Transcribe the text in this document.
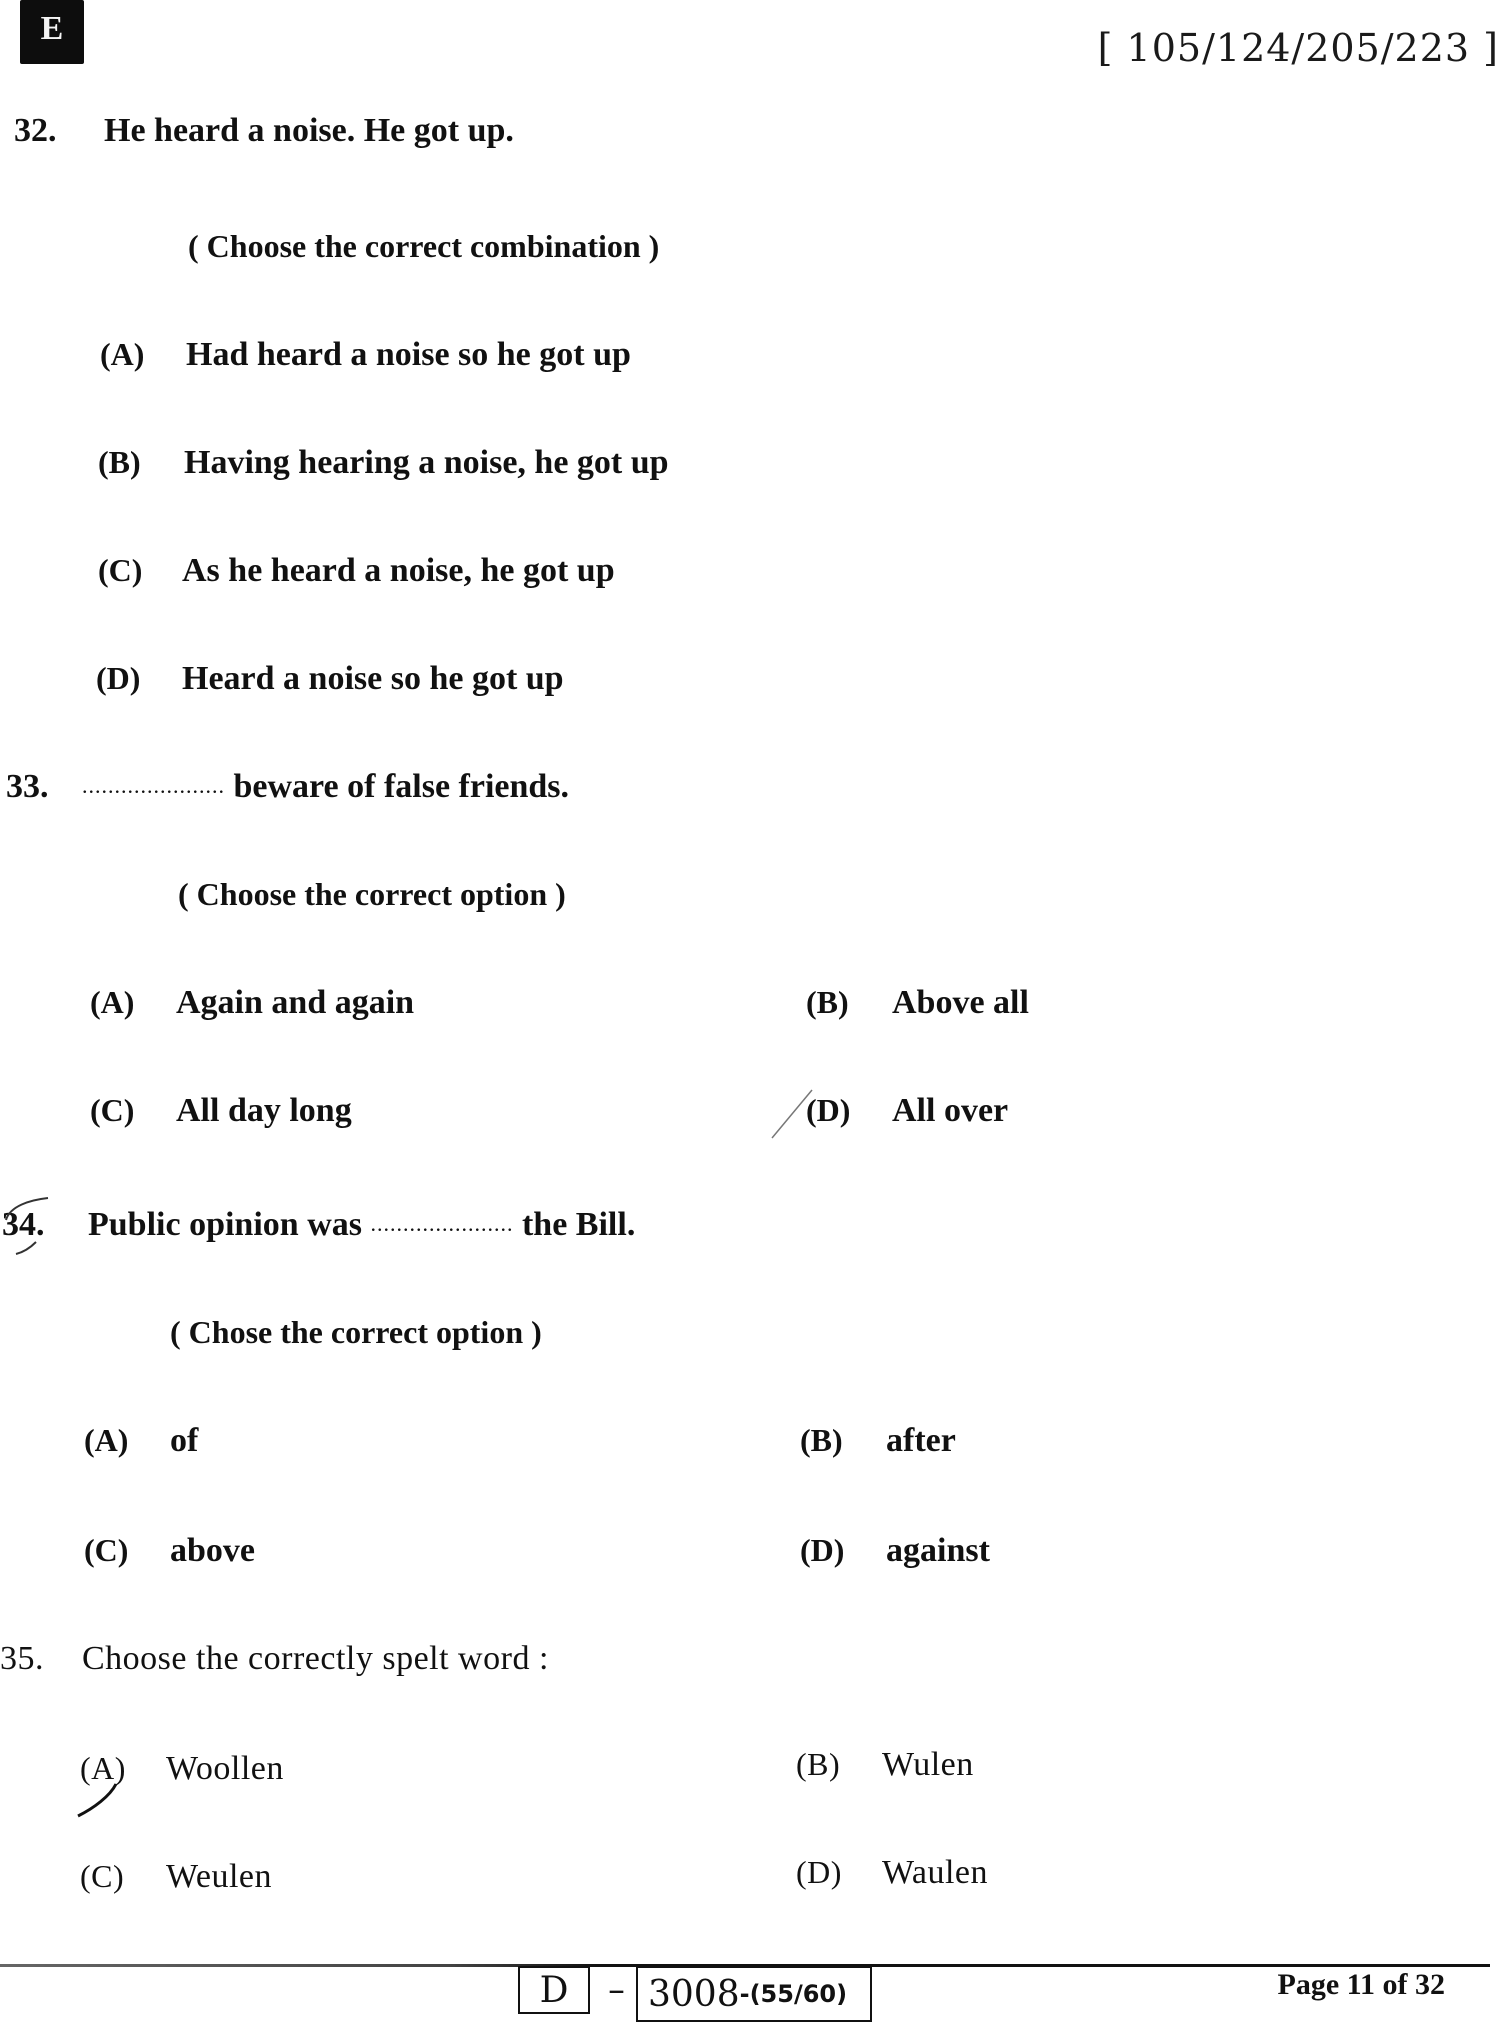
E	[ 105/124/205/223 ]
32. He heard a noise. He got up.
( Choose the correct combination )
(A) Had heard a noise so he got up
(B) Having hearing a noise, he got up
(C) As he heard a noise, he got up
(D) Heard a noise so he got up
33. ...................... beware of false friends.
( Choose the correct option )
(A) Again and again	(B) Above all
(C) All day long	(D) All over
34. Public opinion was ...................... the Bill.
( Chose the correct option )
(A) of	(B) after
(C) above	(D) against
35. Choose the correctly spelt word :
(A) Woollen	(B) Wulen
(C) Weulen	(D) Waulen
D – 3008 -(55/60)	Page 11 of 32
